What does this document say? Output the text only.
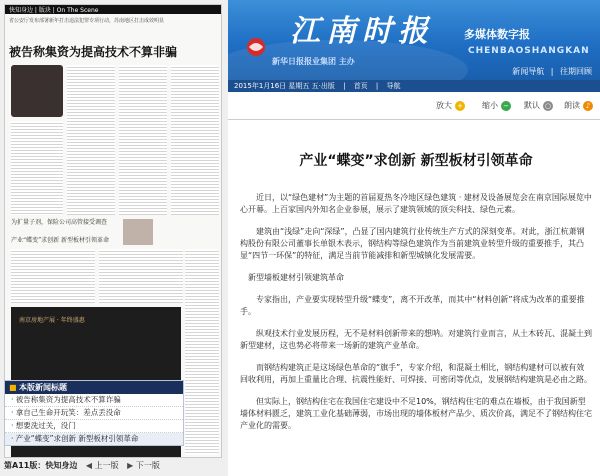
快知身边 | 版块 | On The Scene
省公安厅发布部署新年打击违法犯罪专项行动，苏南地区打击成效明显
被告称集资为提高技术不算非骗
产业“蝶变”求创新 新型板材引领革命
为扩量子剂，保险公司高管接受调查
南京房地产展 · 年终盛惠
第A11版：快知身边 ◀ 上一版 ▶ 下一版
■ 本版新闻标题
· 被告称集资为提高技术不算诈骗
· 拿自己生命开玩笑：差点丢没命
· 想要洗过关，没门
· 产业“蝶变”求创新 新型板材引领革命
新华日报报业集团 主办
江南时报	多媒体数字报
CHENBAOSHANGKAN
新闻导航 | 往期回顾
2015年1月16日 星期五 五·出版 | 首页 | 导航
放大 + 缩小 − 默认 ○ 朗读 ♪
产业“蝶变”求创新 新型板材引领革命

近日，以“绿色建材”为主题的首届夏热冬冷地区绿色建筑 · 建材及设备展览会在南京国际展览中心开幕。上百家国内外知名企业参展，展示了建筑领域的顶尖科技、绿色元素。

建筑由“浅绿”走向“深绿”，凸显了国内建筑行业传统生产方式的深刻变革。对此，浙江杭萧钢构股份有限公司董事长单银木表示，钢结构等绿色建筑作为当前建筑业转型升级的重要推手，其凸显“四节一环保”的特征，满足当前节能减排和新型城镇化发展需要。

新型墙板建材引领建筑革命

专家指出，产业要实现转型升级“蝶变”，离不开改革，而其中“材料创新”将成为改革的重要推手。

纵观技术行业发展历程，无不是材料创新带来的想呐。对建筑行业而言，从土木砖瓦、混凝土到新型建材，这也势必将带来一场新的建筑产业革命。

而钢结构建筑正是这场绿色革命的“旗手”，专家介绍，和混凝土相比，钢结构建材可以被有效回收利用，再加上重量比合理、抗震性能好、可焊接、可密闭等优点，发展钢结构建筑是必由之路。

但实际上，钢结构住宅在我国住宅建设中不足10%，钢结构住宅的难点在墙板，由于我国新型墙体材料匮乏，建筑工业化基础薄弱，市场出现的墙体板材产品少、质次价高，满足不了钢结构住宅产业化的需要。
